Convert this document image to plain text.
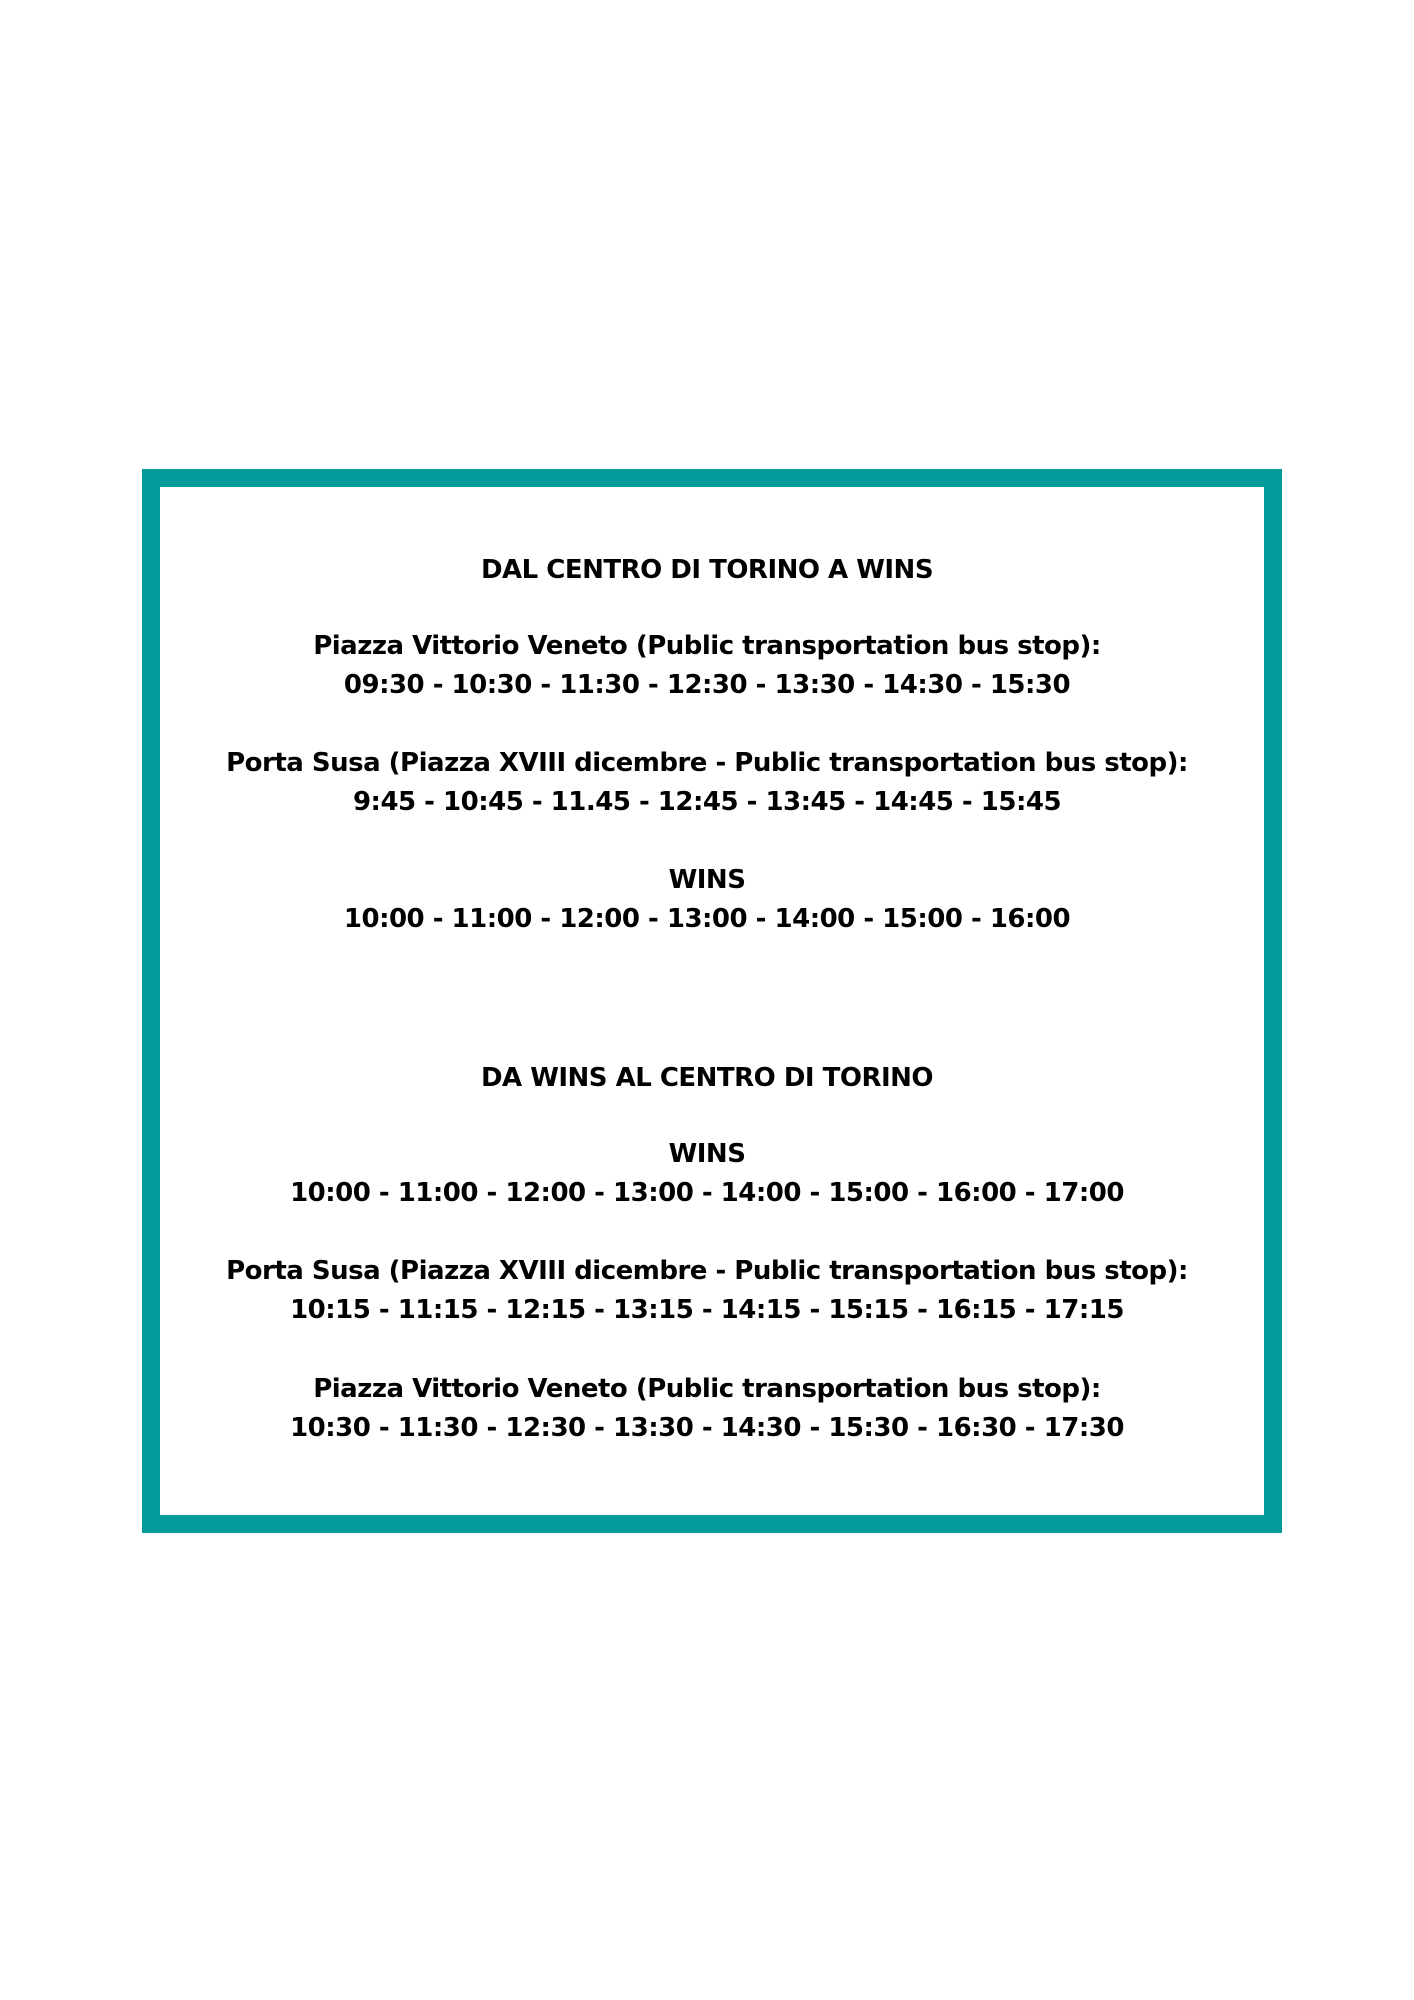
DAL CENTRO DI TORINO A WINS
Piazza Vittorio Veneto (Public transportation bus stop):
09:30 - 10:30 - 11:30 - 12:30 - 13:30 - 14:30 - 15:30
Porta Susa (Piazza XVIII dicembre - Public transportation bus stop):
9:45 - 10:45 - 11.45 - 12:45 - 13:45 - 14:45 - 15:45
WINS
10:00 - 11:00 - 12:00 - 13:00 - 14:00 - 15:00 - 16:00
DA WINS AL CENTRO DI TORINO
WINS
10:00 - 11:00 - 12:00 - 13:00 - 14:00 - 15:00 - 16:00 - 17:00
Porta Susa (Piazza XVIII dicembre - Public transportation bus stop):
10:15 - 11:15 - 12:15 - 13:15 - 14:15 - 15:15 - 16:15 - 17:15
Piazza Vittorio Veneto (Public transportation bus stop):
10:30 - 11:30 - 12:30 - 13:30 - 14:30 - 15:30 - 16:30 - 17:30
